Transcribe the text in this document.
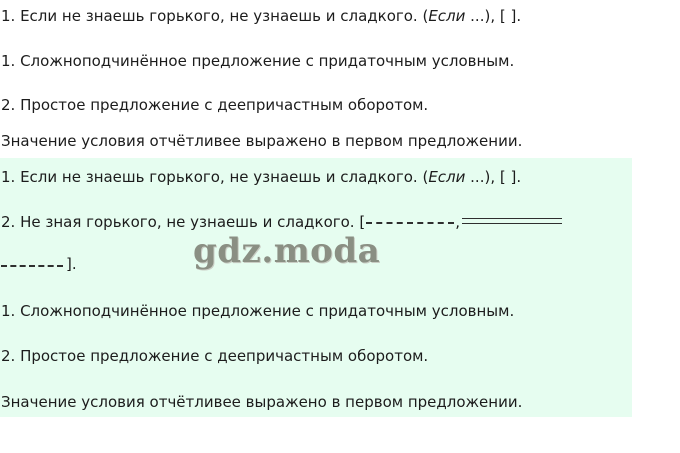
1. Если не знаешь горького, не узнаешь и сладкого. (Если ...), [ ].
1. Сложноподчинённое предложение с придаточным условным.
2. Простое предложение с деепричастным оборотом.
Значение условия отчётливее выражено в первом предложении.
1. Если не знаешь горького, не узнаешь и сладкого. (Если ...), [ ].
2. Не зная горького, не узнаешь и сладкого. [	,
].	gdz.moda
1. Сложноподчинённое предложение с придаточным условным.
2. Простое предложение с деепричастным оборотом.
Значение условия отчётливее выражено в первом предложении.
